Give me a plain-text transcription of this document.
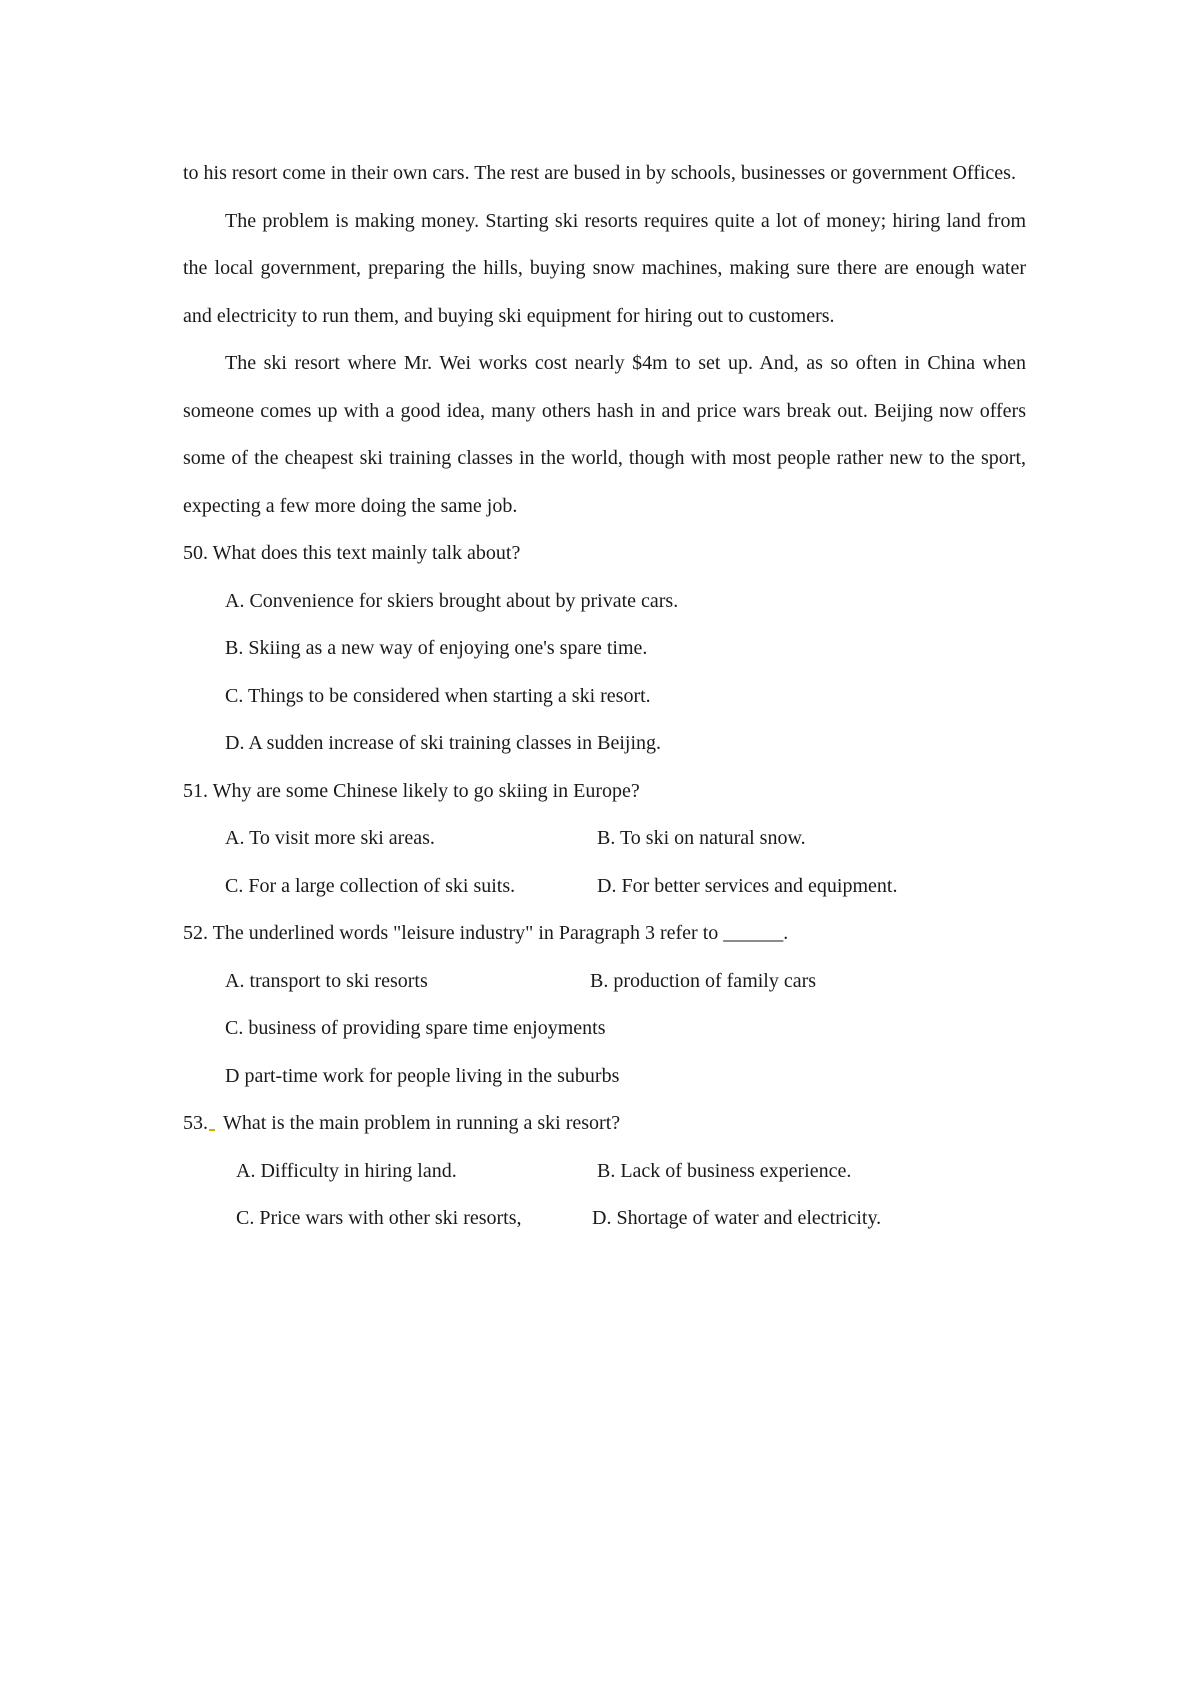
to his resort come in their own cars. The rest are bused in by schools, businesses or government Offices.

The problem is making money. Starting ski resorts requires quite a lot of money; hiring land from the local government, preparing the hills, buying snow machines, making sure there are enough water and electricity to run them, and buying ski equipment for hiring out to customers.

The ski resort where Mr. Wei works cost nearly $4m to set up. And, as so often in China when someone comes up with a good idea, many others hash in and price wars break out. Beijing now offers some of the cheapest ski training classes in the world, though with most people rather new to the sport, expecting a few more doing the same job.

50. What does this text mainly talk about?

A. Convenience for skiers brought about by private cars.

B. Skiing as a new way of enjoying one's spare time.

C. Things to be considered when starting a ski resort.

D. A sudden increase of ski training classes in Beijing.

51. Why are some Chinese likely to go skiing in Europe?

A. To visit more ski areas.	B. To ski on natural snow.

C. For a large collection of ski suits.	D. For better services and equipment.

52. The underlined words "leisure industry" in Paragraph 3 refer to ______.

A. transport to ski resorts	B. production of family cars

C. business of providing spare time enjoyments

D part-time work for people living in the suburbs

53. What is the main problem in running a ski resort?

A. Difficulty in hiring land.	B. Lack of business experience.

C. Price wars with other ski resorts,	D. Shortage of water and electricity.
